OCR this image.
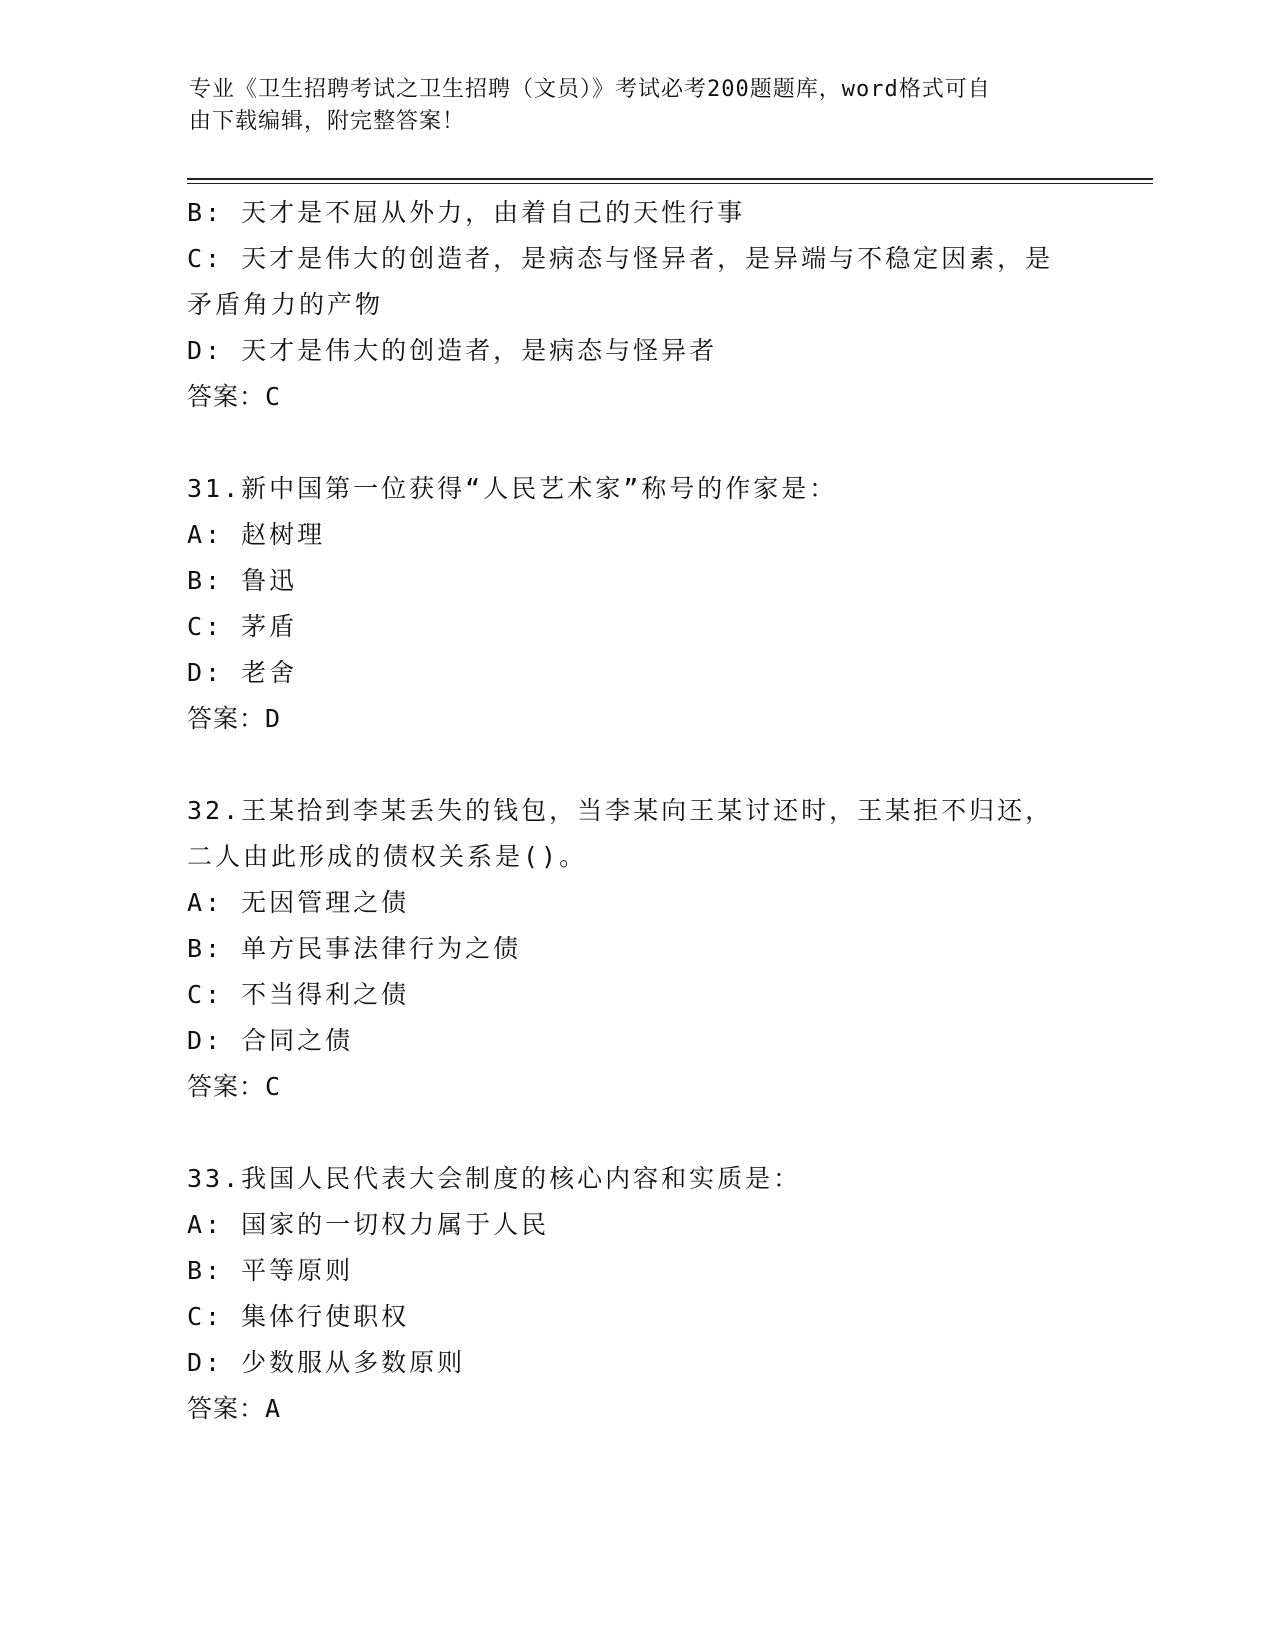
专业《卫生招聘考试之卫生招聘（文员）》考试必考200题题库，word格式可自
由下载编辑，附完整答案！
B: 天才是不屈从外力，由着自己的天性行事
C: 天才是伟大的创造者，是病态与怪异者，是异端与不稳定因素，是
矛盾角力的产物
D: 天才是伟大的创造者，是病态与怪异者
答案：C
31.新中国第一位获得“人民艺术家”称号的作家是：
A: 赵树理
B: 鲁迅
C: 茅盾
D: 老舍
答案：D
32.王某拾到李某丢失的钱包，当李某向王某讨还时，王某拒不归还，
二人由此形成的债权关系是()。
A: 无因管理之债
B: 单方民事法律行为之债
C: 不当得利之债
D: 合同之债
答案：C
33.我国人民代表大会制度的核心内容和实质是：
A: 国家的一切权力属于人民
B: 平等原则
C: 集体行使职权
D: 少数服从多数原则
答案：A
